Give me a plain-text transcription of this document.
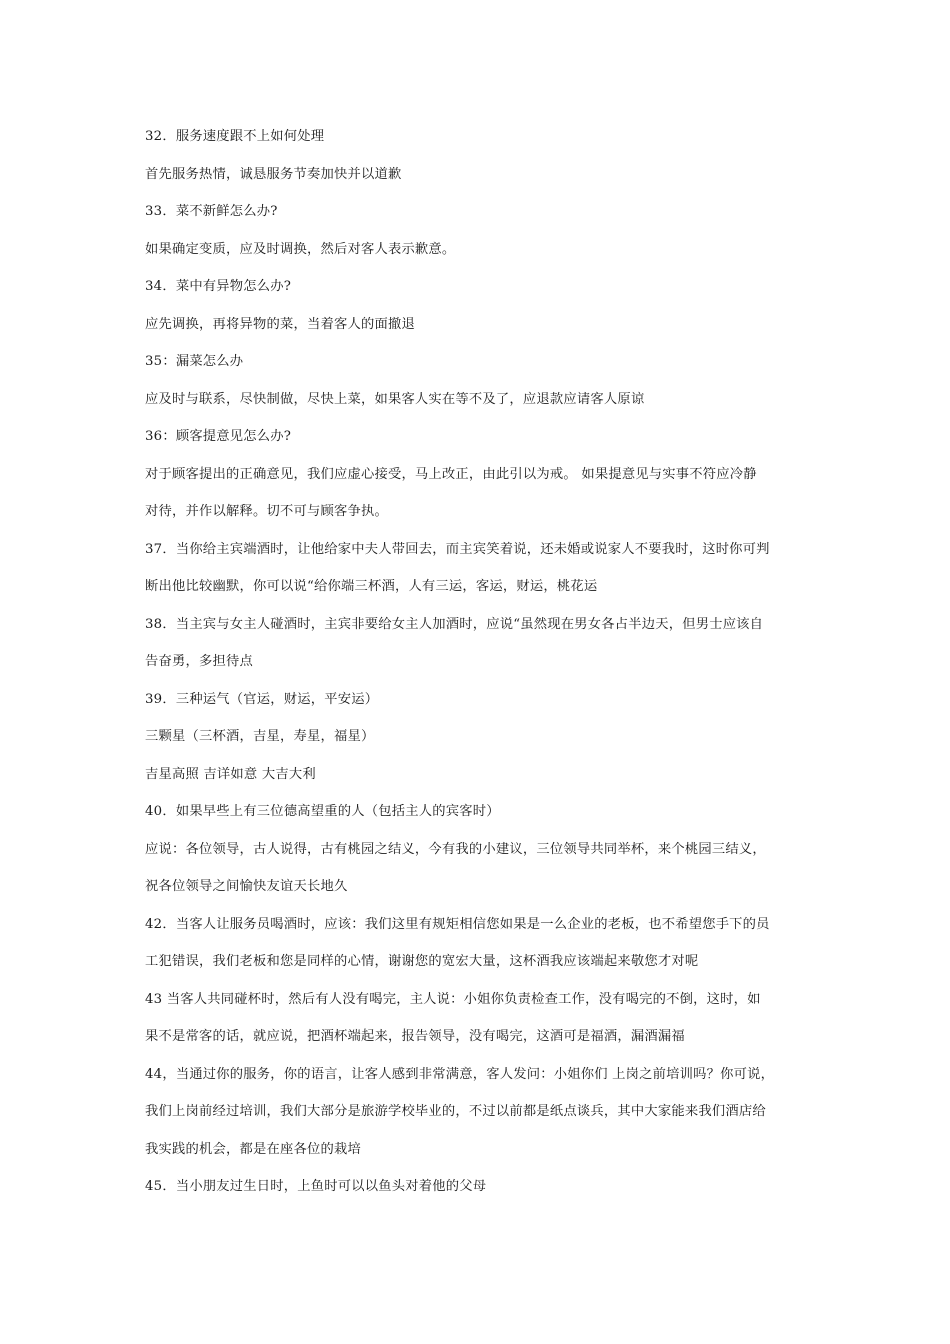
32．服务速度跟不上如何处理
首先服务热情，诚恳服务节奏加快并以道歉
33．菜不新鲜怎么办?
如果确定变质，应及时调换，然后对客人表示歉意。
34．菜中有异物怎么办?
应先调换，再将异物的菜，当着客人的面撤退
35：漏菜怎么办
应及时与联系，尽快制做，尽快上菜，如果客人实在等不及了，应退款应请客人原谅
36：顾客提意见怎么办?
对于顾客提出的正确意见，我们应虚心接受，马上改正，由此引以为戒。 如果提意见与实事不符应冷静
对待，并作以解释。切不可与顾客争执。
37．当你给主宾端酒时，让他给家中夫人带回去，而主宾笑着说，还未婚或说家人不要我时，这时你可判
断出他比较幽默，你可以说“给你端三杯酒，人有三运，客运，财运，桃花运
38．当主宾与女主人碰酒时，主宾非要给女主人加酒时，应说“虽然现在男女各占半边天，但男士应该自
告奋勇，多担待点
39．三种运气（官运，财运，平安运）
三颗星（三杯酒，吉星，寿星，福星）
吉星高照 吉详如意 大吉大利
40．如果早些上有三位德高望重的人（包括主人的宾客时）
应说：各位领导，古人说得，古有桃园之结义，今有我的小建议，三位领导共同举杯，来个桃园三结义，
祝各位领导之间愉快友谊天长地久
42．当客人让服务员喝酒时，应该：我们这里有规矩相信您如果是一么企业的老板，也不希望您手下的员
工犯错误，我们老板和您是同样的心情，谢谢您的宽宏大量，这杯酒我应该端起来敬您才对呢
43 当客人共同碰杯时，然后有人没有喝完，主人说：小姐你负责检查工作，没有喝完的不倒，这时，如
果不是常客的话，就应说，把酒杯端起来，报告领导，没有喝完，这酒可是福酒，漏酒漏福
44，当通过你的服务，你的语言，让客人感到非常满意，客人发问：小姐你们 上岗之前培训吗？你可说，
我们上岗前经过培训，我们大部分是旅游学校毕业的，不过以前都是纸点谈兵，其中大家能来我们酒店给
我实践的机会，都是在座各位的栽培
45．当小朋友过生日时，上鱼时可以以鱼头对着他的父母
